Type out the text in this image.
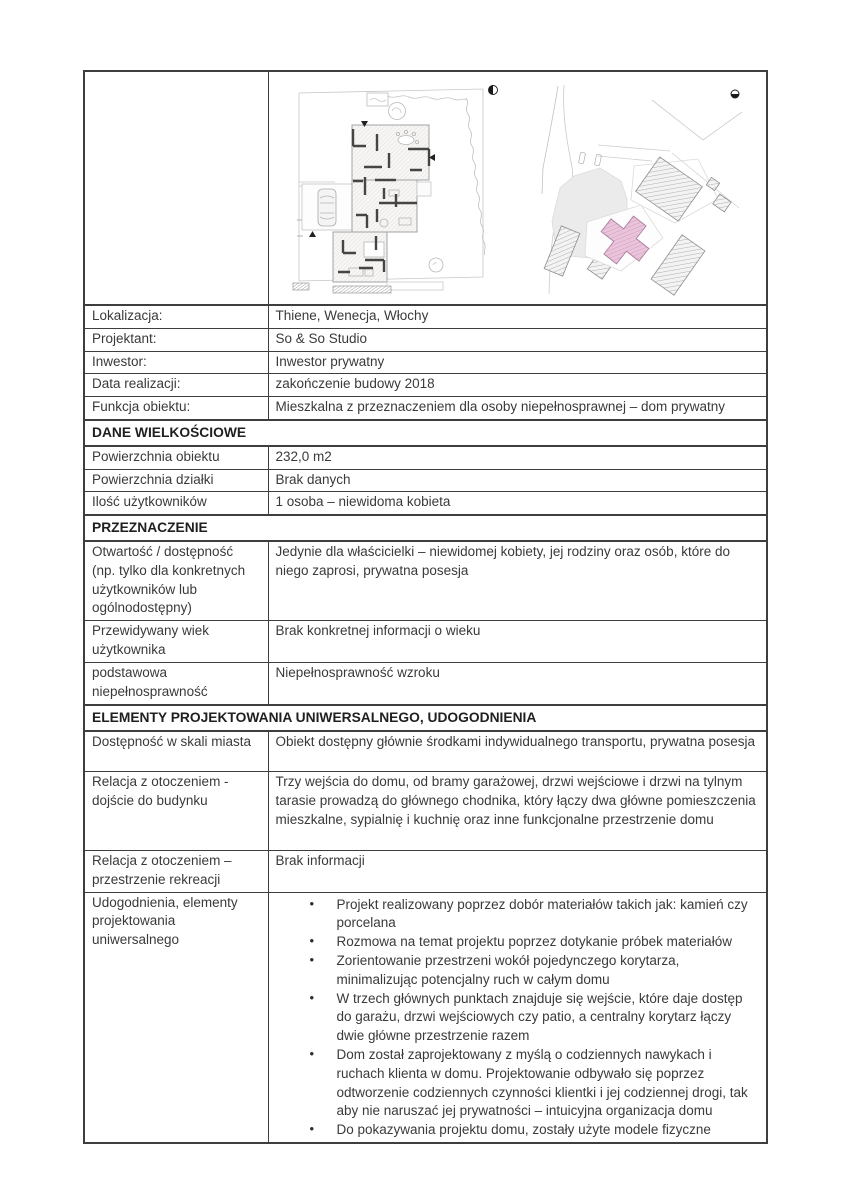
Lokalizacja:	Thiene, Wenecja, Włochy
Projektant:	So & So Studio
Inwestor:	Inwestor prywatny
Data realizacji:	zakończenie budowy 2018
Funkcja obiektu:	Mieszkalna z przeznaczeniem dla osoby niepełnosprawnej – dom prywatny
DANE WIELKOŚCIOWE	
Powierzchnia obiektu	232,0 m2
Powierzchnia działki	Brak danych
Ilość użytkowników	1 osoba – niewidoma kobieta
PRZEZNACZENIE	
Otwartość / dostępność (np. tylko dla konkretnych użytkowników lub ogólnodostępny)	Jedynie dla właścicielki – niewidomej kobiety, jej rodziny oraz osób, które do niego zaprosi, prywatna posesja
Przewidywany wiek użytkownika	Brak konkretnej informacji o wieku
podstawowa niepełnosprawność	Niepełnosprawność wzroku
ELEMENTY PROJEKTOWANIA UNIWERSALNEGO, UDOGODNIENIA	
Dostępność w skali miasta	Obiekt dostępny głównie środkami indywidualnego transportu, prywatna posesja
Relacja z otoczeniem - dojście do budynku	Trzy wejścia do domu, od bramy garażowej, drzwi wejściowe i drzwi na tylnym tarasie prowadzą do głównego chodnika, który łączy dwa główne pomieszczenia mieszkalne, sypialnię i kuchnię oraz inne funkcjonalne przestrzenie domu
Relacja z otoczeniem – przestrzenie rekreacji	Brak informacji
Udogodnienia, elementy projektowania uniwersalnego	
• Projekt realizowany poprzez dobór materiałów takich jak: kamień czy porcelana
• Rozmowa na temat projektu poprzez dotykanie próbek materiałów
• Zorientowanie przestrzeni wokół pojedynczego korytarza, minimalizując potencjalny ruch w całym domu
• W trzech głównych punktach znajduje się wejście, które daje dostęp do garażu, drzwi wejściowych czy patio, a centralny korytarz łączy dwie główne przestrzenie razem
• Dom został zaprojektowany z myślą o codziennych nawykach i ruchach klienta w domu. Projektowanie odbywało się poprzez odtworzenie codziennych czynności klientki i jej codziennej drogi, tak aby nie naruszać jej prywatności – intuicyjna organizacja domu
• Do pokazywania projektu domu, zostały użyte modele fizyczne
